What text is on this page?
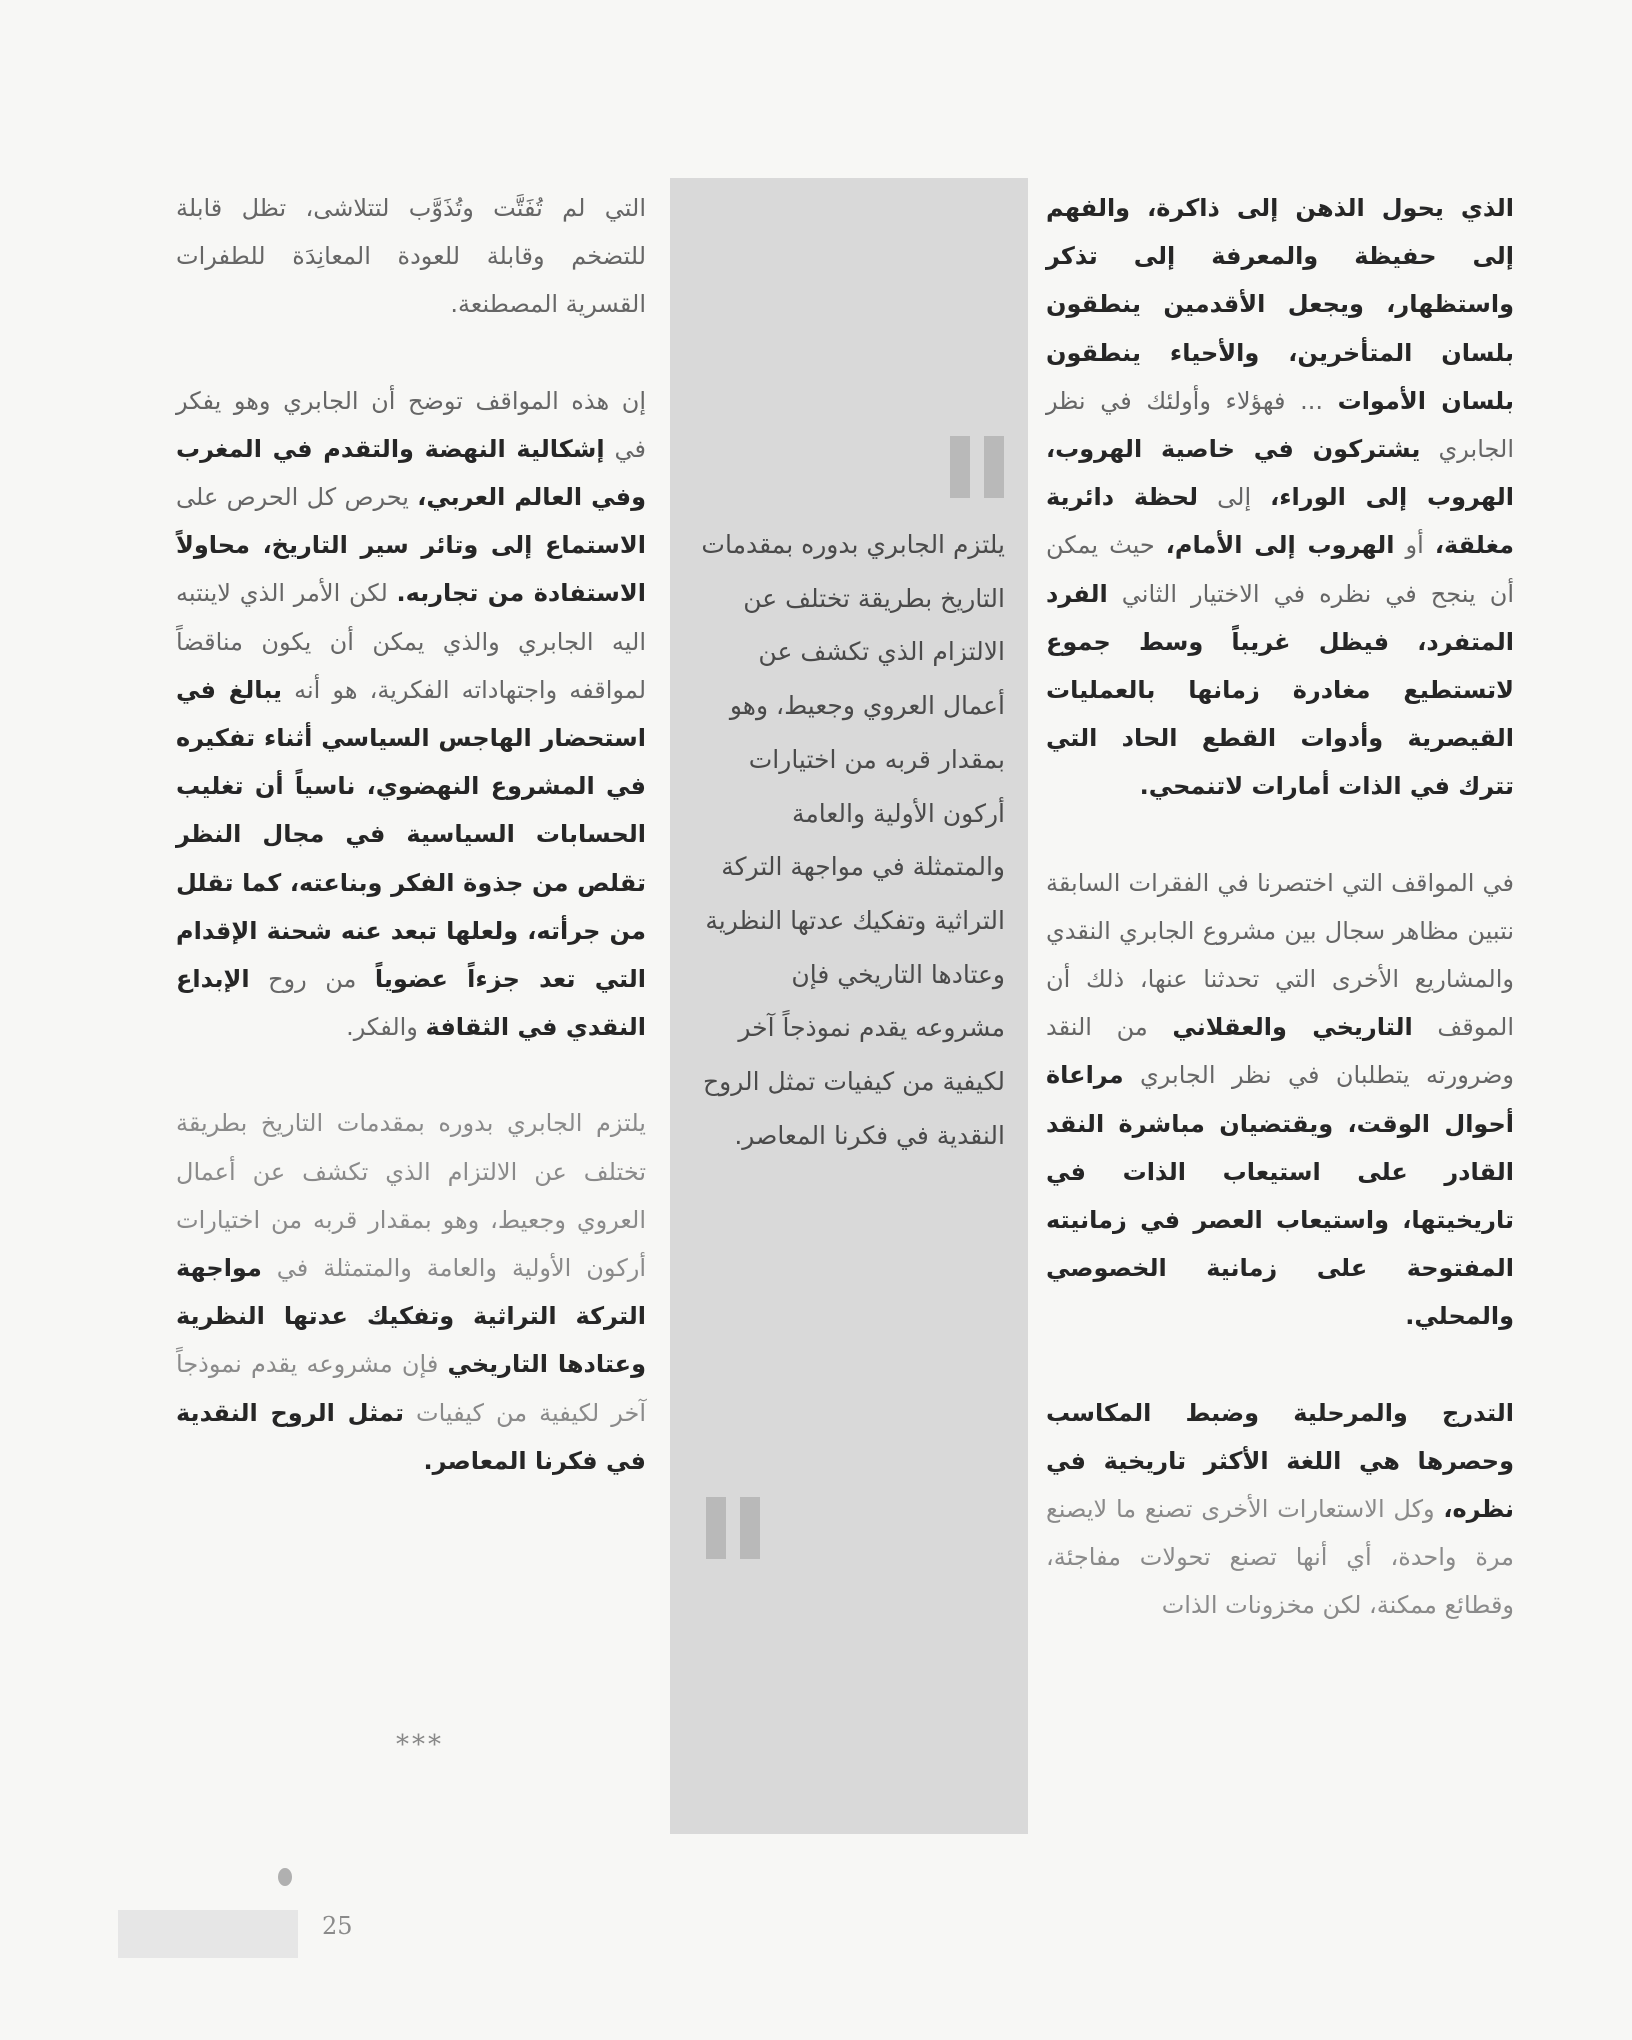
الذي يحول الذهن إلى ذاكرة، والفهم إلى حفيظة والمعرفة إلى تذكر واستظهار، ويجعل الأقدمين ينطقون بلسان المتأخرين، والأحياء ينطقون بلسان الأموات ... فهؤلاء وأولئك في نظر الجابري يشتركون في خاصية الهروب، الهروب إلى الوراء، إلى لحظة دائرية مغلقة، أو الهروب إلى الأمام، حيث يمكن أن ينجح في نظره في الاختيار الثاني الفرد المتفرد، فيظل غريباً وسط جموع لاتستطيع مغادرة زمانها بالعمليات القيصرية وأدوات القطع الحاد التي تترك في الذات أمارات لاتنمحي.

في المواقف التي اختصرنا في الفقرات السابقة نتبين مظاهر سجال بين مشروع الجابري النقدي والمشاريع الأخرى التي تحدثنا عنها، ذلك أن الموقف التاريخي والعقلاني من النقد وضرورته يتطلبان في نظر الجابري مراعاة أحوال الوقت، ويقتضيان مباشرة النقد القادر على استيعاب الذات في تاريخيتها، واستيعاب العصر في زمانيته المفتوحة على زمانية الخصوصي والمحلي.

التدرج والمرحلية وضبط المكاسب وحصرها هي اللغة الأكثر تاريخية في نظره، وكل الاستعارات الأخرى تصنع ما لايصنع مرة واحدة، أي أنها تصنع تحولات مفاجئة، وقطائع ممكنة، لكن مخزونات الذات

يلتزم الجابري بدوره بمقدمات التاريخ بطريقة تختلف عن الالتزام الذي تكشف عن أعمال العروي وجعيط، وهو بمقدار قربه من اختيارات أركون الأولية والعامة والمتمثلة في مواجهة التركة التراثية وتفكيك عدتها النظرية وعتادها التاريخي فإن مشروعه يقدم نموذجاً آخر لكيفية من كيفيات تمثل الروح النقدية في فكرنا المعاصر.

التي لم تُفَتَّت وتُذَوَّب لتتلاشى، تظل قابلة للتضخم وقابلة للعودة المعانِدَة للطفرات القسرية المصطنعة.

إن هذه المواقف توضح أن الجابري وهو يفكر في إشكالية النهضة والتقدم في المغرب وفي العالم العربي، يحرص كل الحرص على الاستماع إلى وتائر سير التاريخ، محاولاً الاستفادة من تجاربه. لكن الأمر الذي لاينتبه اليه الجابري والذي يمكن أن يكون مناقضاً لمواقفه واجتهاداته الفكرية، هو أنه يبالغ في استحضار الهاجس السياسي أثناء تفكيره في المشروع النهضوي، ناسياً أن تغليب الحسابات السياسية في مجال النظر تقلص من جذوة الفكر وبناعته، كما تقلل من جرأته، ولعلها تبعد عنه شحنة الإقدام التي تعد جزءاً عضوياً من روح الإبداع النقدي في الثقافة والفكر.

يلتزم الجابري بدوره بمقدمات التاريخ بطريقة تختلف عن الالتزام الذي تكشف عن أعمال العروي وجعيط، وهو بمقدار قربه من اختيارات أركون الأولية والعامة والمتمثلة في مواجهة التركة التراثية وتفكيك عدتها النظرية وعتادها التاريخي فإن مشروعه يقدم نموذجاً آخر لكيفية من كيفيات تمثل الروح النقدية في فكرنا المعاصر.

***
25
